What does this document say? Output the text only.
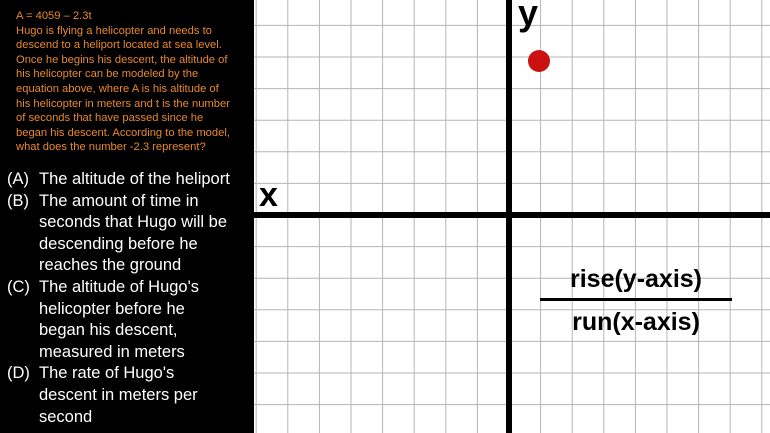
A = 4059 – 2.3t
Hugo is flying a helicopter and needs to
descend to a heliport located at sea level.
Once he begins his descent, the altitude of
his helicopter can be modeled by the
equation above, where A is his altitude of
his helicopter in meters and t is the number
of seconds that have passed since he
began his descent. According to the model,
what does the number -2.3 represent?
(A) The altitude of the heliport
(B) The amount of time in
seconds that Hugo will be
descending before he
reaches the ground
(C) The altitude of Hugo's
helicopter before he
began his descent,
measured in meters
(D) The rate of Hugo's
descent in meters per
second
y
x
rise(y-axis)
run(x-axis)
